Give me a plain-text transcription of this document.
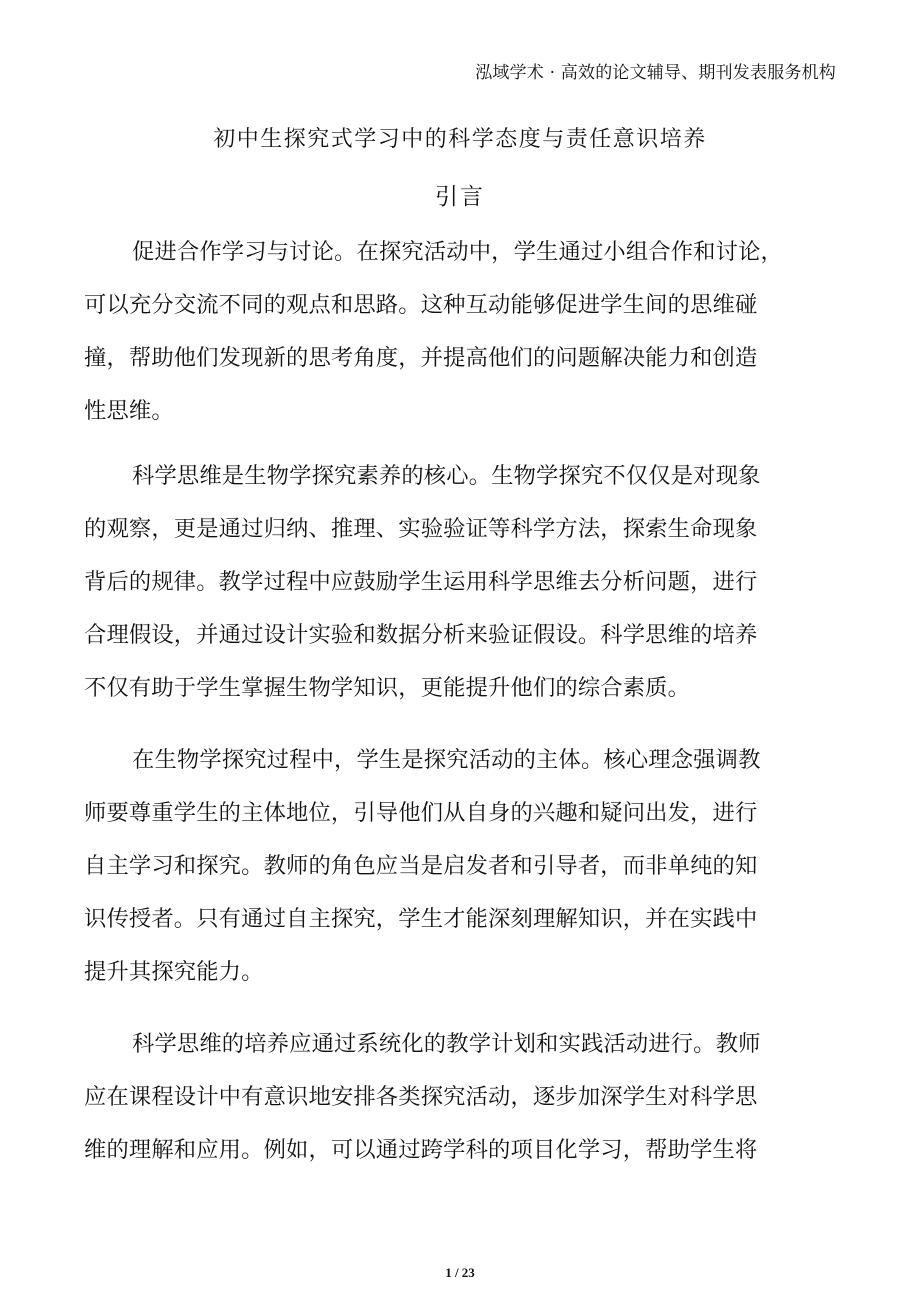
泓域学术 · 高效的论文辅导、期刊发表服务机构
初中生探究式学习中的科学态度与责任意识培养
引言
促进合作学习与讨论。在探究活动中，学生通过小组合作和讨论，
可以充分交流不同的观点和思路。这种互动能够促进学生间的思维碰
撞，帮助他们发现新的思考角度，并提高他们的问题解决能力和创造
性思维。
科学思维是生物学探究素养的核心。生物学探究不仅仅是对现象
的观察，更是通过归纳、推理、实验验证等科学方法，探索生命现象
背后的规律。教学过程中应鼓励学生运用科学思维去分析问题，进行
合理假设，并通过设计实验和数据分析来验证假设。科学思维的培养
不仅有助于学生掌握生物学知识，更能提升他们的综合素质。
在生物学探究过程中，学生是探究活动的主体。核心理念强调教
师要尊重学生的主体地位，引导他们从自身的兴趣和疑问出发，进行
自主学习和探究。教师的角色应当是启发者和引导者，而非单纯的知
识传授者。只有通过自主探究，学生才能深刻理解知识，并在实践中
提升其探究能力。
科学思维的培养应通过系统化的教学计划和实践活动进行。教师
应在课程设计中有意识地安排各类探究活动，逐步加深学生对科学思
维的理解和应用。例如，可以通过跨学科的项目化学习，帮助学生将
1 / 23
